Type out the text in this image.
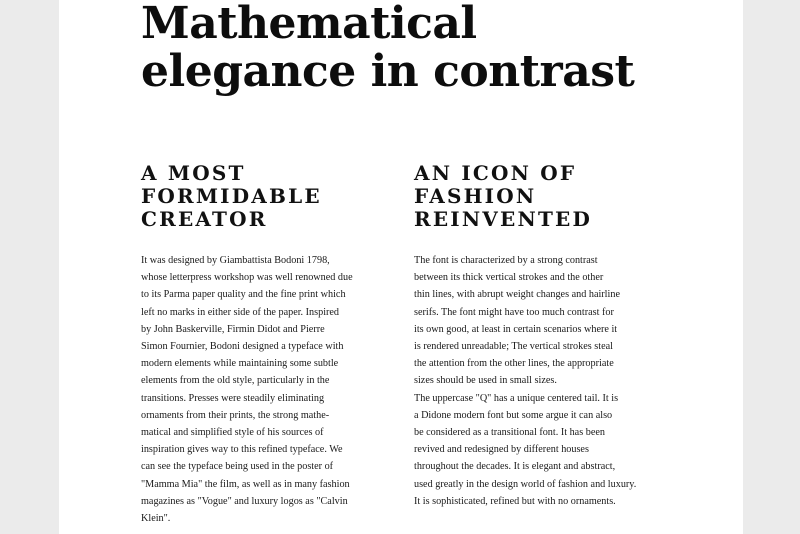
Mathematical
elegance in contrast
A MOST
FORMIDABLE
CREATOR

It was designed by Giambattista Bodoni 1798,
whose letterpress workshop was well renowned due
to its Parma paper quality and the fine print which
left no marks in either side of the paper. Inspired
by John Baskerville, Firmin Didot and Pierre
Simon Fournier, Bodoni designed a typeface with
modern elements while maintaining some subtle
elements from the old style, particularly in the
transitions. Presses were steadily eliminating
ornaments from their prints, the strong mathe-
matical and simplified style of his sources of
inspiration gives way to this refined typeface. We
can see the typeface being used in the poster of
"Mamma Mia" the film, as well as in many fashion
magazines as "Vogue" and luxury logos as "Calvin
Klein".

AN ICON OF
FASHION
REINVENTED

The font is characterized by a strong contrast
between its thick vertical strokes and the other
thin lines, with abrupt weight changes and hairline
serifs. The font might have too much contrast for
its own good, at least in certain scenarios where it
is rendered unreadable; The vertical strokes steal
the attention from the other lines, the appropriate
sizes should be used in small sizes.
The uppercase "Q" has a unique centered tail. It is
a Didone modern font but some argue it can also
be considered as a transitional font. It has been
revived and redesigned by different houses
throughout the decades. It is elegant and abstract,
used greatly in the design world of fashion and luxury.
It is sophisticated, refined but with no ornaments.
